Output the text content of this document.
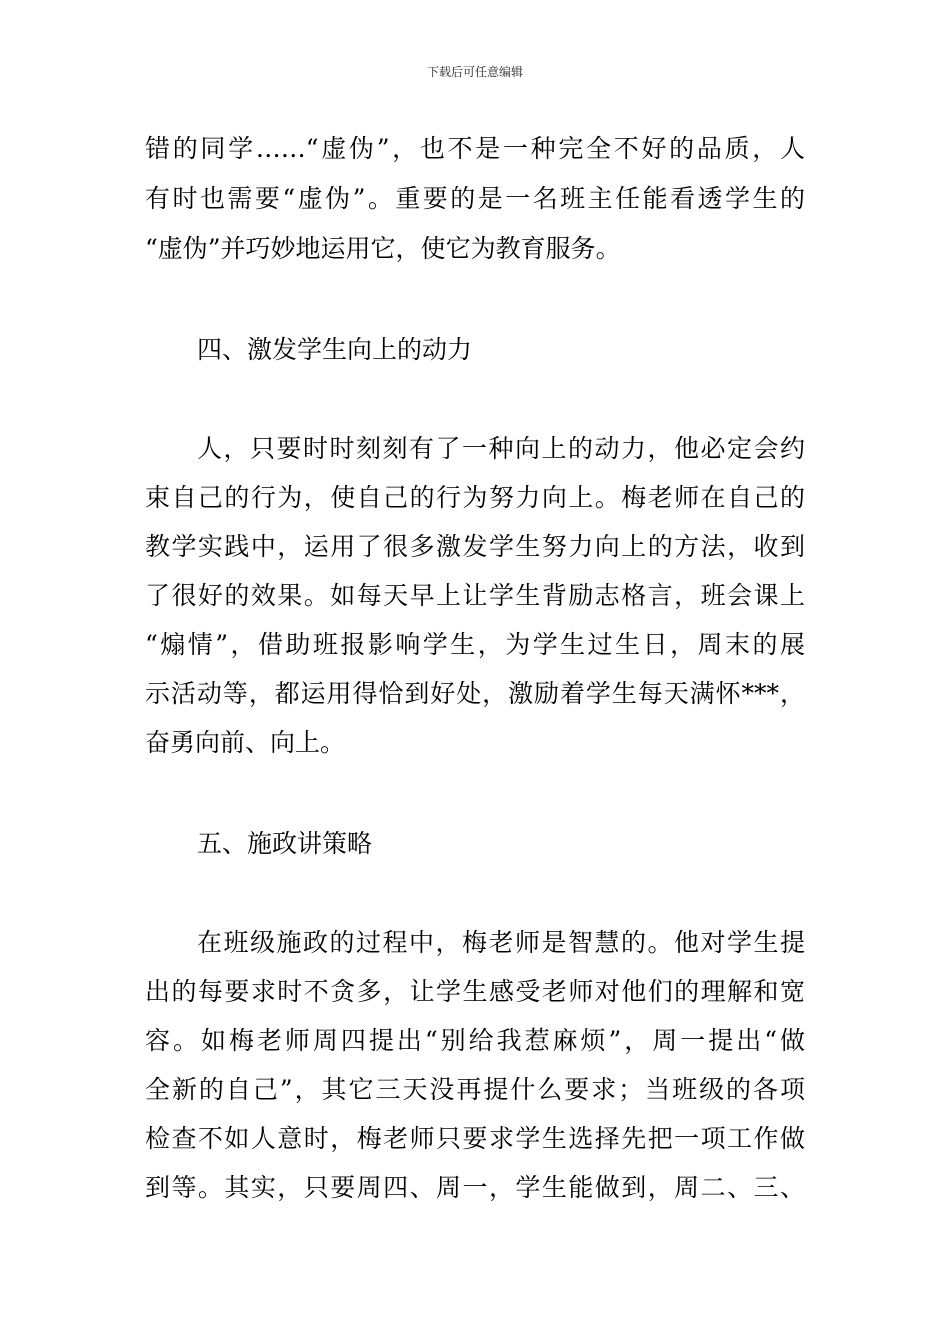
下载后可任意编辑
错的同学……“虚伪”，也不是一种完全不好的品质，人
有时也需要“虚伪”。重要的是一名班主任能看透学生的
“虚伪”并巧妙地运用它，使它为教育服务。
四、激发学生向上的动力
人，只要时时刻刻有了一种向上的动力，他必定会约
束自己的行为，使自己的行为努力向上。梅老师在自己的
教学实践中，运用了很多激发学生努力向上的方法，收到
了很好的效果。如每天早上让学生背励志格言，班会课上
“煽情”，借助班报影响学生，为学生过生日，周末的展
示活动等，都运用得恰到好处，激励着学生每天满怀***，
奋勇向前、向上。
五、施政讲策略
在班级施政的过程中，梅老师是智慧的。他对学生提
出的每要求时不贪多，让学生感受老师对他们的理解和宽
容。如梅老师周四提出“别给我惹麻烦”，周一提出“做
全新的自己”，其它三天没再提什么要求；当班级的各项
检查不如人意时，梅老师只要求学生选择先把一项工作做
到等。其实，只要周四、周一，学生能做到，周二、三、
